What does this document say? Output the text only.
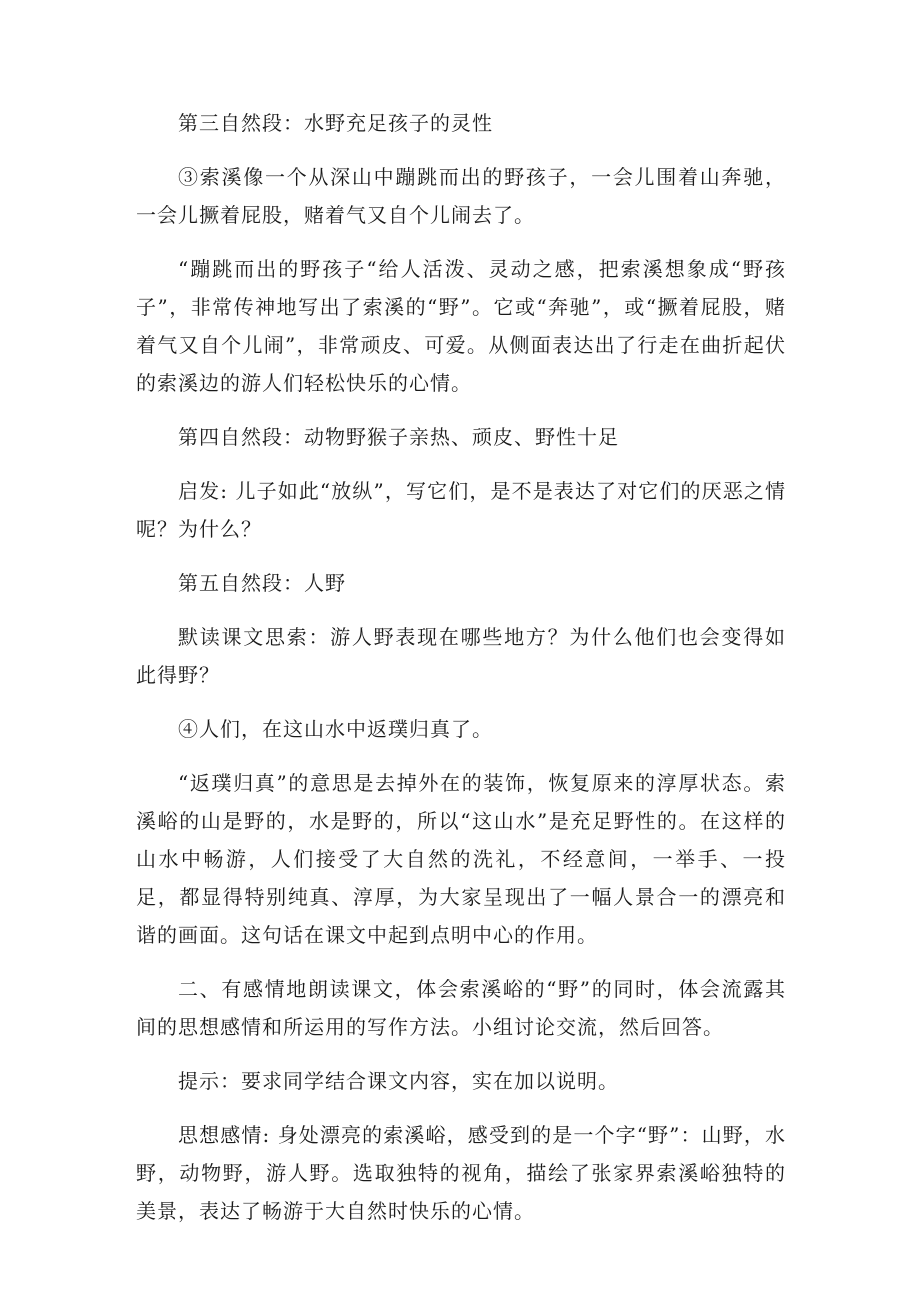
第三自然段：水野充足孩子的灵性

③索溪像一个从深山中蹦跳而出的野孩子，一会儿围着山奔驰，一会儿撅着屁股，赌着气又自个儿闹去了。

“蹦跳而出的野孩子“给人活泼、灵动之感，把索溪想象成“野孩子”，非常传神地写出了索溪的“野”。它或“奔驰”，或“撅着屁股，赌着气又自个儿闹”，非常顽皮、可爱。从侧面表达出了行走在曲折起伏的索溪边的游人们轻松快乐的心情。

第四自然段：动物野猴子亲热、顽皮、野性十足

启发: 儿子如此“放纵”，写它们，是不是表达了对它们的厌恶之情呢？为什么？

第五自然段：人野

默读课文思索：游人野表现在哪些地方？为什么他们也会变得如此得野？

④人们，在这山水中返璞归真了。

“返璞归真”的意思是去掉外在的装饰，恢复原来的淳厚状态。索溪峪的山是野的，水是野的，所以“这山水”是充足野性的。在这样的山水中畅游，人们接受了大自然的洗礼，不经意间，一举手、一投足，都显得特别纯真、淳厚，为大家呈现出了一幅人景合一的漂亮和谐的画面。这句话在课文中起到点明中心的作用。

二、有感情地朗读课文，体会索溪峪的“野”的同时，体会流露其间的思想感情和所运用的写作方法。小组讨论交流，然后回答。

提示：要求同学结合课文内容，实在加以说明。

思想感情: 身处漂亮的索溪峪，感受到的是一个字“野”：山野，水野，动物野，游人野。选取独特的视角，描绘了张家界索溪峪独特的美景，表达了畅游于大自然时快乐的心情。
